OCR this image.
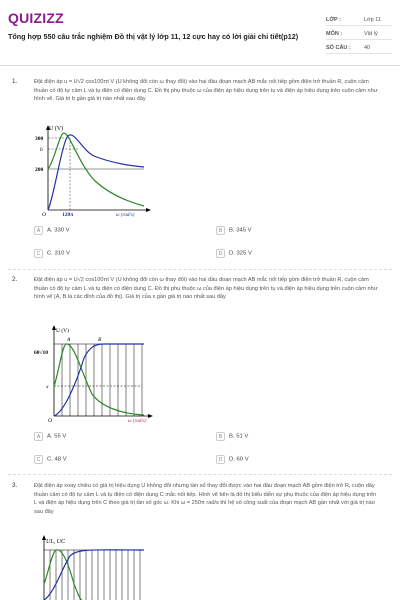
QUIZIZZ
Tổng hợp 550 câu trắc nghiệm Đồ thị vật lý lớp 11, 12 cực hay có lời giải chi tiết(p12)
LỚP :	Lớp 11
MÔN :	Vật lý
SỐ CÂU : 40
1.	Đặt điện áp u = U√2 cos100πt V (U không đổi còn ω thay đổi) vào hai đầu đoạn mạch AB mắc nối tiếp gồm điện trở thuần R, cuộn cảm thuần có độ tự cảm L và tụ điện có điện dung C. Đồ thị phụ thuộc ω của điện áp hiệu dụng trên tụ và điện áp hiệu dụng trên cuộn cảm như hình vẽ. Giá trị b gần giá trị nào nhất sau đây
U (V)
300
b
200
O	120π	ω (rad/s)
A A. 330 V	B B. 345 V
C C. 310 V	D D. 325 V
2.	Đặt điện áp u = U√2 cos100πt V (U không đổi còn ω thay đổi) vào hai đầu đoạn mạch AB mắc nối tiếp gồm điện trở thuần R, cuộn cảm thuần có độ tự cảm L và tụ điện có điện dung C. Đồ thị phụ thuộc ω của điện áp hiệu dụng trên tụ và điện áp hiệu dụng trên cuộn cảm như hình vẽ (A, B là các đỉnh của đồ thị). Giá trị của x gần giá trị nào nhất sau đây
U (V)
60√10
x
O
A	B
ω (rad/s)
A A. 55 V	B B. 51 V
C C. 48 V	D D. 60 V
3.	Đặt điện áp xoay chiều có giá trị hiệu dụng U không đổi nhưng tần số thay đổi được vào hai đầu đoạn mạch AB gồm điện trở R, cuộn dây thuần cảm có độ tự cảm L và tụ điện có điện dung C mắc nối tiếp. Hình vẽ bên là đồ thị biểu diễn sự phụ thuộc của điện áp hiệu dụng trên L và điện áp hiệu dụng trên C theo giá trị tần số góc ω. Khi ω = 250π rad/s thì hệ số công suất của đoạn mạch AB gần nhất với giá trị nào sau đây
UL, UC
